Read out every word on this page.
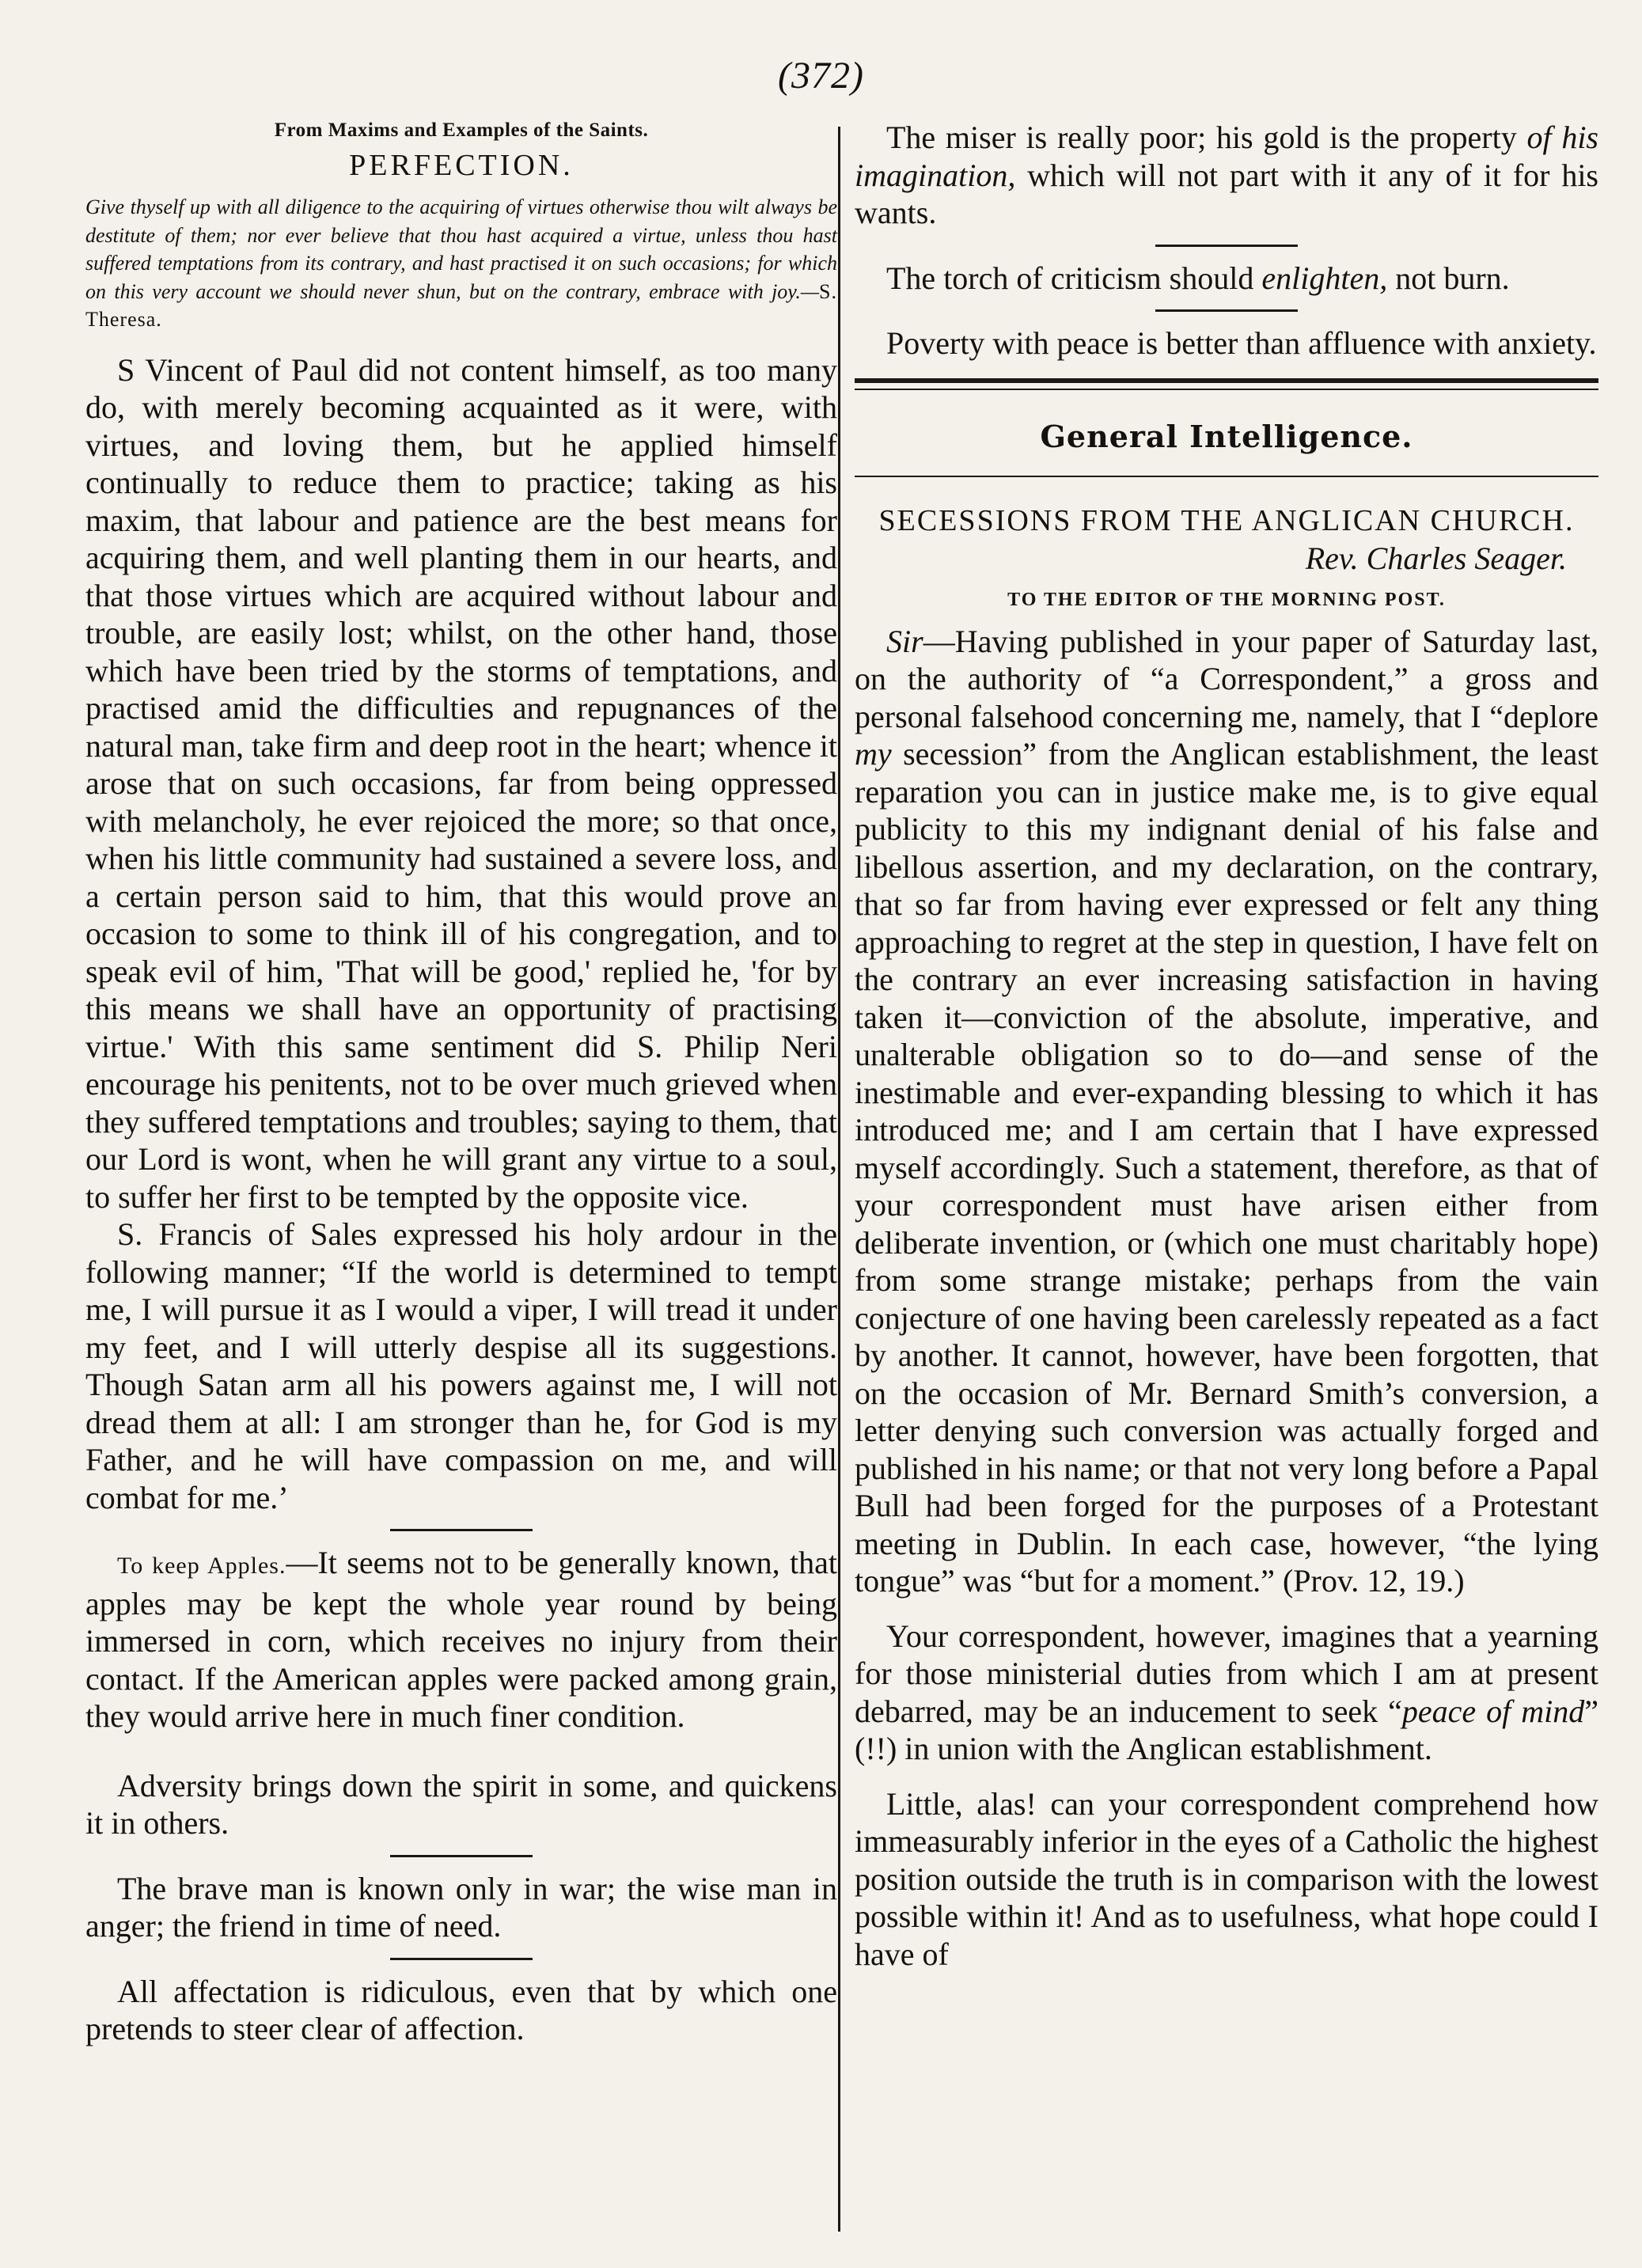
(372)

From Maxims and Examples of the Saints.

PERFECTION.

Give thyself up with all diligence to the acquiring of virtues otherwise thou wilt always be destitute of them; nor ever believe that thou hast acquired a virtue, unless thou hast suffered temptations from its contrary, and hast practised it on such occasions; for which on this very account we should never shun, but on the contrary, embrace with joy.—S. Theresa.

S Vincent of Paul did not content himself, as too many do, with merely becoming acquainted as it were, with virtues, and loving them, but he applied himself continually to reduce them to practice; taking as his maxim, that labour and patience are the best means for acquiring them, and well planting them in our hearts, and that those virtues which are acquired without labour and trouble, are easily lost; whilst, on the other hand, those which have been tried by the storms of temptations, and practised amid the difficulties and repugnances of the natural man, take firm and deep root in the heart; whence it arose that on such occasions, far from being oppressed with melancholy, he ever rejoiced the more; so that once, when his little community had sustained a severe loss, and a certain person said to him, that this would prove an occasion to some to think ill of his congregation, and to speak evil of him, 'That will be good,' replied he, 'for by this means we shall have an opportunity of practising virtue.' With this same sentiment did S. Philip Neri encourage his penitents, not to be over much grieved when they suffered temptations and troubles; saying to them, that our Lord is wont, when he will grant any virtue to a soul, to suffer her first to be tempted by the opposite vice.

S. Francis of Sales expressed his holy ardour in the following manner; “If the world is determined to tempt me, I will pursue it as I would a viper, I will tread it under my feet, and I will utterly despise all its suggestions. Though Satan arm all his powers against me, I will not dread them at all: I am stronger than he, for God is my Father, and he will have compassion on me, and will combat for me.’

To keep Apples.—It seems not to be generally known, that apples may be kept the whole year round by being immersed in corn, which receives no injury from their contact. If the American apples were packed among grain, they would arrive here in much finer condition.

Adversity brings down the spirit in some, and quickens it in others.

The brave man is known only in war; the wise man in anger; the friend in time of need.

All affectation is ridiculous, even that by which one pretends to steer clear of affection.

The miser is really poor; his gold is the property of his imagination, which will not part with it any of it for his wants.

The torch of criticism should enlighten, not burn.

Poverty with peace is better than affluence with anxiety.

General Intelligence.

SECESSIONS FROM THE ANGLICAN CHURCH.

Rev. Charles Seager.

TO THE EDITOR OF THE MORNING POST.

Sir—Having published in your paper of Saturday last, on the authority of “a Correspondent,” a gross and personal falsehood concerning me, namely, that I “deplore my secession” from the Anglican establishment, the least reparation you can in justice make me, is to give equal publicity to this my indignant denial of his false and libellous assertion, and my declaration, on the contrary, that so far from having ever expressed or felt any thing approaching to regret at the step in question, I have felt on the contrary an ever increasing satisfaction in having taken it—conviction of the absolute, imperative, and unalterable obligation so to do—and sense of the inestimable and ever-expanding blessing to which it has introduced me; and I am certain that I have expressed myself accordingly. Such a statement, therefore, as that of your correspondent must have arisen either from deliberate invention, or (which one must charitably hope) from some strange mistake; perhaps from the vain conjecture of one having been carelessly repeated as a fact by another. It cannot, however, have been forgotten, that on the occasion of Mr. Bernard Smith’s conversion, a letter denying such conversion was actually forged and published in his name; or that not very long before a Papal Bull had been forged for the purposes of a Protestant meeting in Dublin. In each case, however, “the lying tongue” was “but for a moment.” (Prov. 12, 19.)

Your correspondent, however, imagines that a yearning for those ministerial duties from which I am at present debarred, may be an inducement to seek “peace of mind” (!!) in union with the Anglican establishment.

Little, alas! can your correspondent comprehend how immeasurably inferior in the eyes of a Catholic the highest position outside the truth is in comparison with the lowest possible within it! And as to usefulness, what hope could I have of
